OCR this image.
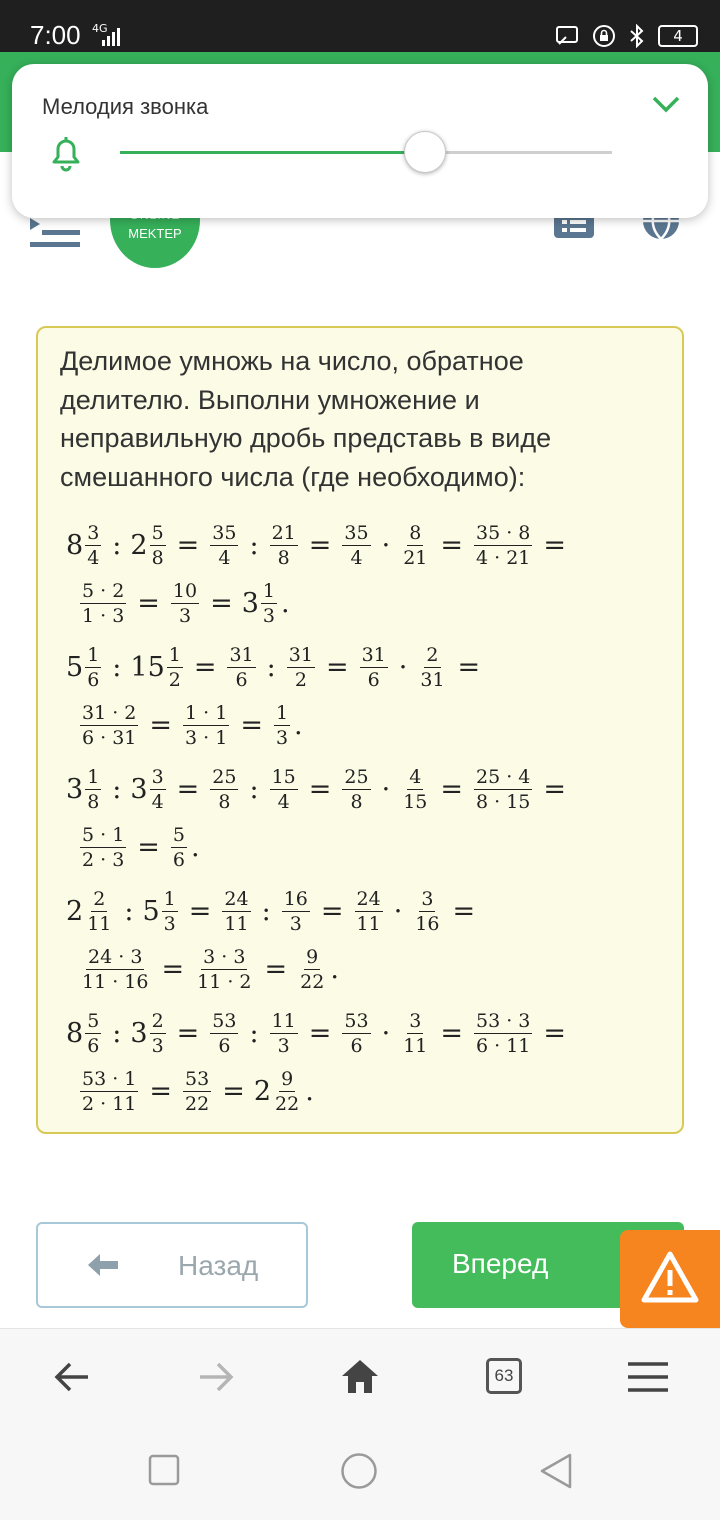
7:00 4G	4
MEKTEP
Мелодия звонка
Делимое умножь на число, обратное делителю. Выполни умножение и неправильную дробь представь в виде смешанного числа (где необходимо):
$8 \frac{3}{4}$ : $2 \frac{5}{8} = \frac{35}{4}$ : $\frac{21}{8} = \frac{35}{4} \cdot \frac{8}{21} = \frac{35 \cdot 8}{4 \cdot 21}$ =
$\frac{5 \cdot 2}{1 \cdot 3} = \frac{10}{3} = 3 \frac{1}{3}$ .
$5 \frac{1}{6}$ : $15 \frac{1}{2} = \frac{31}{6}$ : $\frac{31}{2} = \frac{31}{6} \cdot \frac{2}{31}$ =
$\frac{31 \cdot 2}{6 \cdot 31} = \frac{1 \cdot 1}{3 \cdot 1} = \frac{1}{3}$ .
$3 \frac{1}{8}$ : $3 \frac{3}{4} = \frac{25}{8}$ : $\frac{15}{4} = \frac{25}{8} \cdot \frac{4}{15} = \frac{25 \cdot 4}{8 \cdot 15}$ =
$\frac{5 \cdot 1}{2 \cdot 3} = \frac{5}{6}$ .
$2 \frac{2}{11}$ : $5 \frac{1}{3} = \frac{24}{11}$ : $\frac{16}{3} = \frac{24}{11} \cdot \frac{3}{16}$ =
$\frac{24 \cdot 3}{11 \cdot 16} = \frac{3 \cdot 3}{11 \cdot 2} = \frac{9}{22}$ .
$8 \frac{5}{6}$ : $3 \frac{2}{3} = \frac{53}{6}$ : $\frac{11}{3} = \frac{53}{6} \cdot \frac{3}{11} = \frac{53 \cdot 3}{6 \cdot 11}$ =
$\frac{53 \cdot 1}{2 \cdot 11} = \frac{53}{22} = 2 \frac{9}{22}$ .
Назад	Вперед
63
